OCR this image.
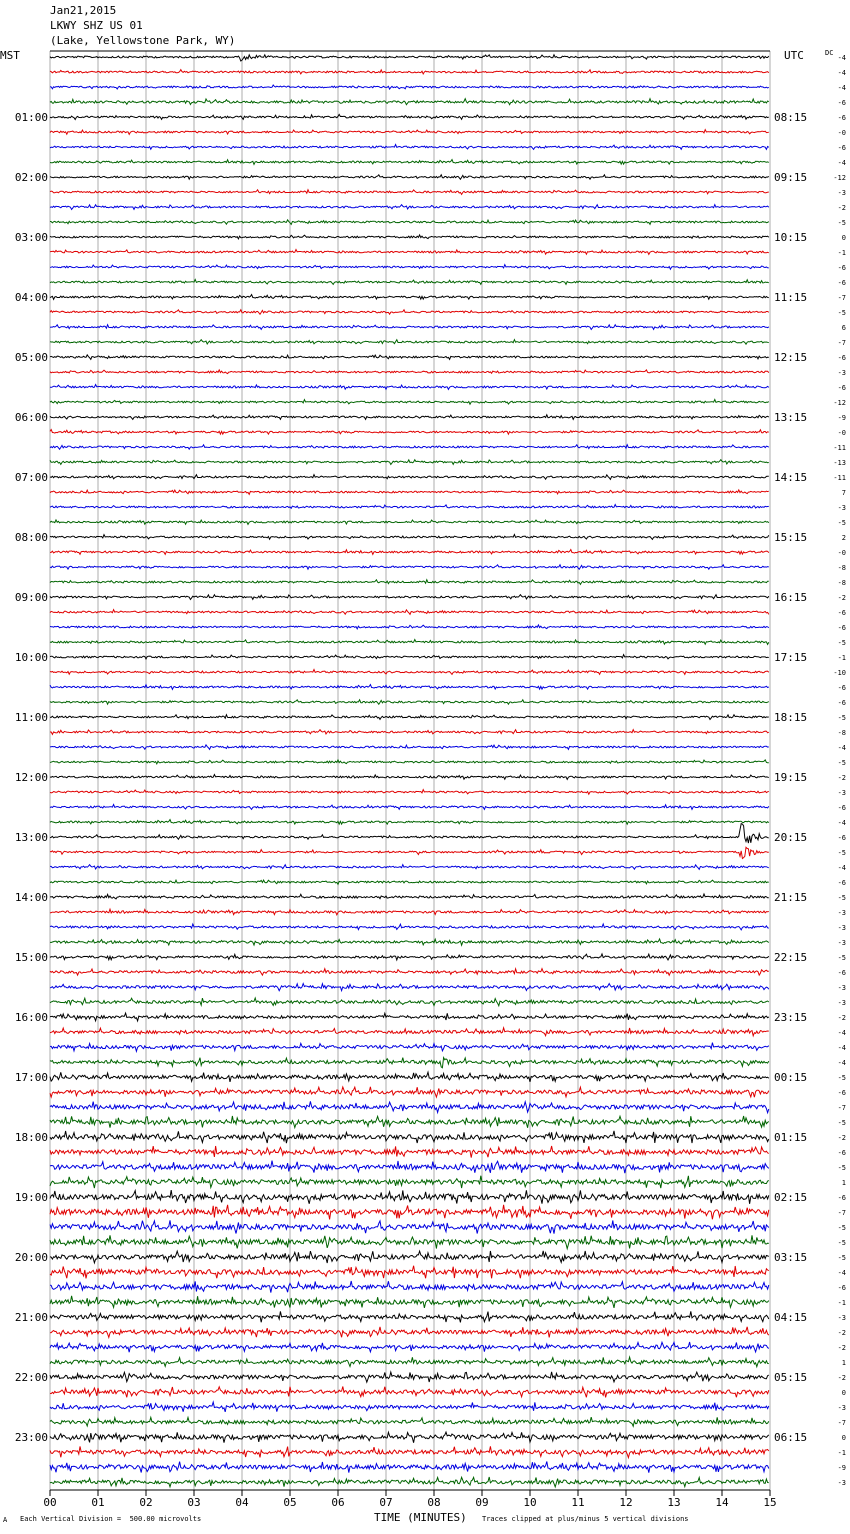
Jan21,2015
LKWY SHZ US 01
(Lake, Yellowstone Park, WY)
MST	UTC	DC
00	01	02	03	04	05	06	07	08	09	10	11	12	13	14	15
-4
-4
-4
-6
-6
-0
-6
-4
-12
-3
-2
-5
0
-1
-6
-6
-7
-5
6
-7
-6
-3
-6
-12
-9
-0
-11
-13
-11
7
-3
-5
2
-0
-8
-8
-2
-6
-6
-5
-1
-10
-6
-6
-5
-8
-4
-5
-2
-3
-6
-4
-6
-5
-4
-6
-5
-3
-3
-3
-5
-6
-3
-3
-2
-4
-4
-4
-5
-6
-7
-5
-2
-6
-5
1
-6
-7
-5
-5
-5
-4
-6
-1
-3
-2
-2
1
-2
0
-3
-7
0
-1
-9
-3
01:00
02:00
03:00
04:00
05:00
06:00
07:00
08:00
09:00
10:00
11:00
12:00
13:00
14:00
15:00
16:00
17:00
18:00
19:00
20:00
21:00
22:00
23:00
08:15
09:15
10:15
11:15
12:15
13:15
14:15
15:15
16:15
17:15
18:15
19:15
20:15
21:15
22:15
23:15
00:15
01:15
02:15
03:15
04:15
05:15
06:15
A Each Vertical Division =  500.00 microvolts	TIME (MINUTES) Traces clipped at plus/minus 5 vertical divisions
